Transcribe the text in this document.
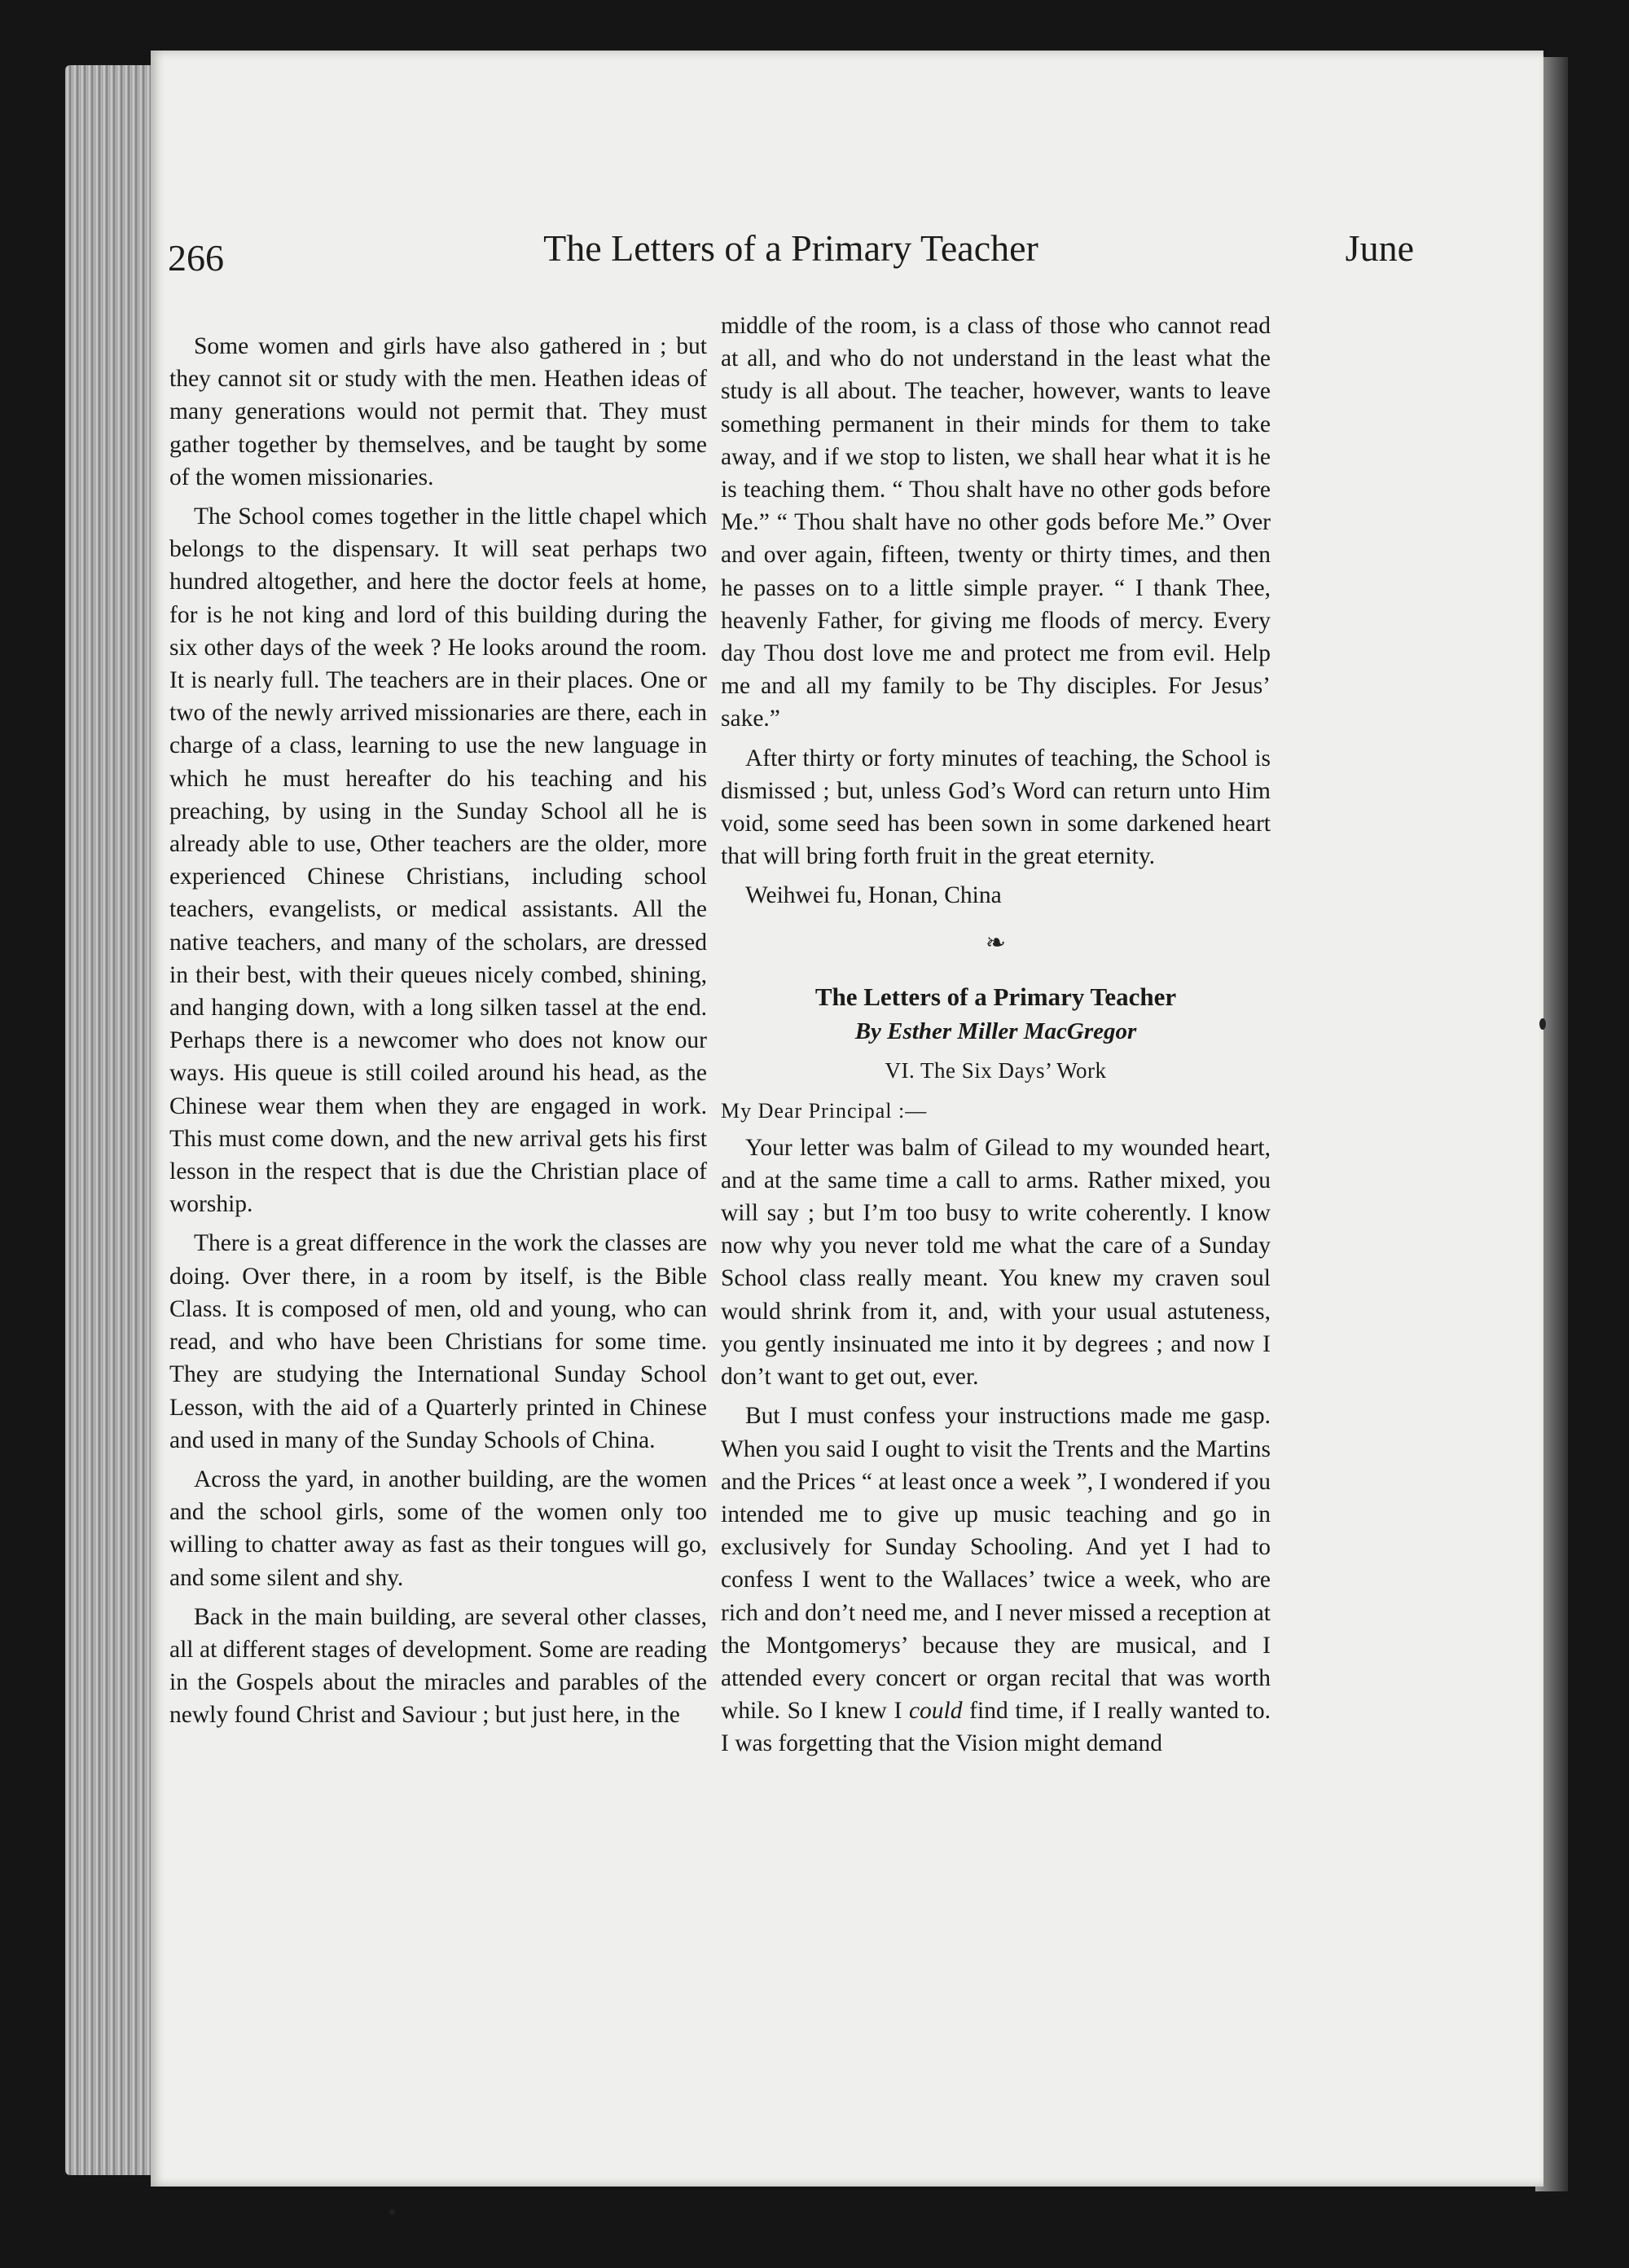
266	The Letters of a Primary Teacher	June

Some women and girls have also gathered in ; but they cannot sit or study with the men. Heathen ideas of many generations would not permit that. They must gather together by themselves, and be taught by some of the women missionaries.

The School comes together in the little chapel which belongs to the dispensary. It will seat perhaps two hundred altogether, and here the doctor feels at home, for is he not king and lord of this building during the six other days of the week ? He looks around the room. It is nearly full. The teachers are in their places. One or two of the newly arrived missionaries are there, each in charge of a class, learning to use the new language in which he must hereafter do his teaching and his preaching, by using in the Sunday School all he is already able to use, Other teachers are the older, more experienced Chinese Christians, including school teachers, evangelists, or medical assistants. All the native teachers, and many of the scholars, are dressed in their best, with their queues nicely combed, shining, and hanging down, with a long silken tassel at the end. Perhaps there is a newcomer who does not know our ways. His queue is still coiled around his head, as the Chinese wear them when they are engaged in work. This must come down, and the new arrival gets his first lesson in the respect that is due the Christian place of worship.

There is a great difference in the work the classes are doing. Over there, in a room by itself, is the Bible Class. It is composed of men, old and young, who can read, and who have been Christians for some time. They are studying the International Sunday School Lesson, with the aid of a Quarterly printed in Chinese and used in many of the Sunday Schools of China.

Across the yard, in another building, are the women and the school girls, some of the women only too willing to chatter away as fast as their tongues will go, and some silent and shy.

Back in the main building, are several other classes, all at different stages of development. Some are reading in the Gospels about the miracles and parables of the newly found Christ and Saviour ; but just here, in the

middle of the room, is a class of those who cannot read at all, and who do not understand in the least what the study is all about. The teacher, however, wants to leave something permanent in their minds for them to take away, and if we stop to listen, we shall hear what it is he is teaching them. “ Thou shalt have no other gods before Me.” “ Thou shalt have no other gods before Me.” Over and over again, fifteen, twenty or thirty times, and then he passes on to a little simple prayer. “ I thank Thee, heavenly Father, for giving me floods of mercy. Every day Thou dost love me and protect me from evil. Help me and all my family to be Thy disciples. For Jesus’ sake.”

After thirty or forty minutes of teaching, the School is dismissed ; but, unless God’s Word can return unto Him void, some seed has been sown in some darkened heart that will bring forth fruit in the great eternity.

Weihwei fu, Honan, China

❧
The Letters of a Primary Teacher
By Esther Miller MacGregor
VI. The Six Days’ Work
My Dear Principal :—

Your letter was balm of Gilead to my wounded heart, and at the same time a call to arms. Rather mixed, you will say ; but I’m too busy to write coherently. I know now why you never told me what the care of a Sunday School class really meant. You knew my craven soul would shrink from it, and, with your usual astuteness, you gently insinuated me into it by degrees ; and now I don’t want to get out, ever.

But I must confess your instructions made me gasp. When you said I ought to visit the Trents and the Martins and the Prices “ at least once a week ”, I wondered if you intended me to give up music teaching and go in exclusively for Sunday Schooling. And yet I had to confess I went to the Wallaces’ twice a week, who are rich and don’t need me, and I never missed a reception at the Montgomerys’ because they are musical, and I attended every concert or organ recital that was worth while. So I knew I could find time, if I really wanted to. I was forgetting that the Vision might demand
